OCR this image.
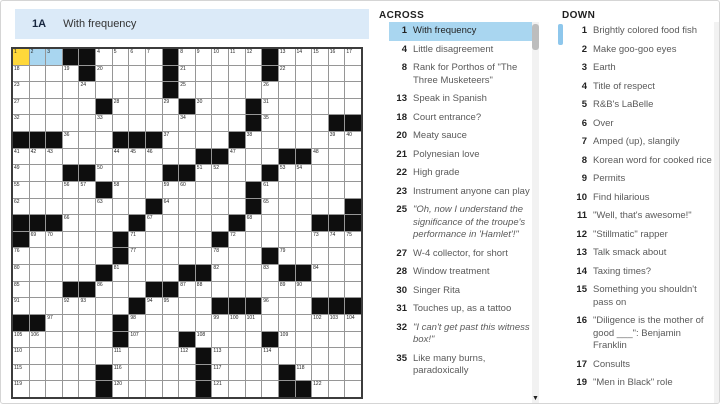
1A With frequency
1	2	3	4	5	6	7	8	9	10 11 12	13 14 15 16 17
18	19	20	21	22
23	24	25	26
27	28	29	30	31
32	33	34	35
36	37	38	39 40
41 42 43	44 45 46	47	48
49	50	51 52	53 54
55	56 57	58	59 60	61
62	63	64	65
66	67	68
69 70	71	72	73 74 75
76	77	78	79
80	81	82	83	84
85	86	87 88	89 90
91	92 93	94 95	96
97	98	99 100 101	102 103 104
105 106	107	108	109
110	111	112	113	114
115	116	117	118
119	120	121	122
ACROSS
1 With frequency
4 Little disagreement
8 Rank for Porthos of "The Three Musketeers"
13 Speak in Spanish
18 Court entrance?
20 Meaty sauce
21 Polynesian love
22 High grade
23 Instrument anyone can play
25 "Oh, now I understand the significance of the troupe's performance in 'Hamlet'!"
27 W-4 collector, for short
28 Window treatment
30 Singer Rita
31 Touches up, as a tattoo
32 "I can't get past this witness box!"
35 Like many burns, paradoxically
▼
DOWN
1 Brightly colored food fish
2 Make goo-goo eyes
3 Earth
4 Title of respect
5 R&B's LaBelle
6 Over
7 Amped (up), slangily
8 Korean word for cooked rice
9 Permits
10 Find hilarious
11 "Well, that's awesome!"
12 "Stillmatic" rapper
13 Talk smack about
14 Taxing times?
15 Something you shouldn't pass on
16 "Diligence is the mother of good ___": Benjamin Franklin
17 Consults
19 "Men in Black" role
